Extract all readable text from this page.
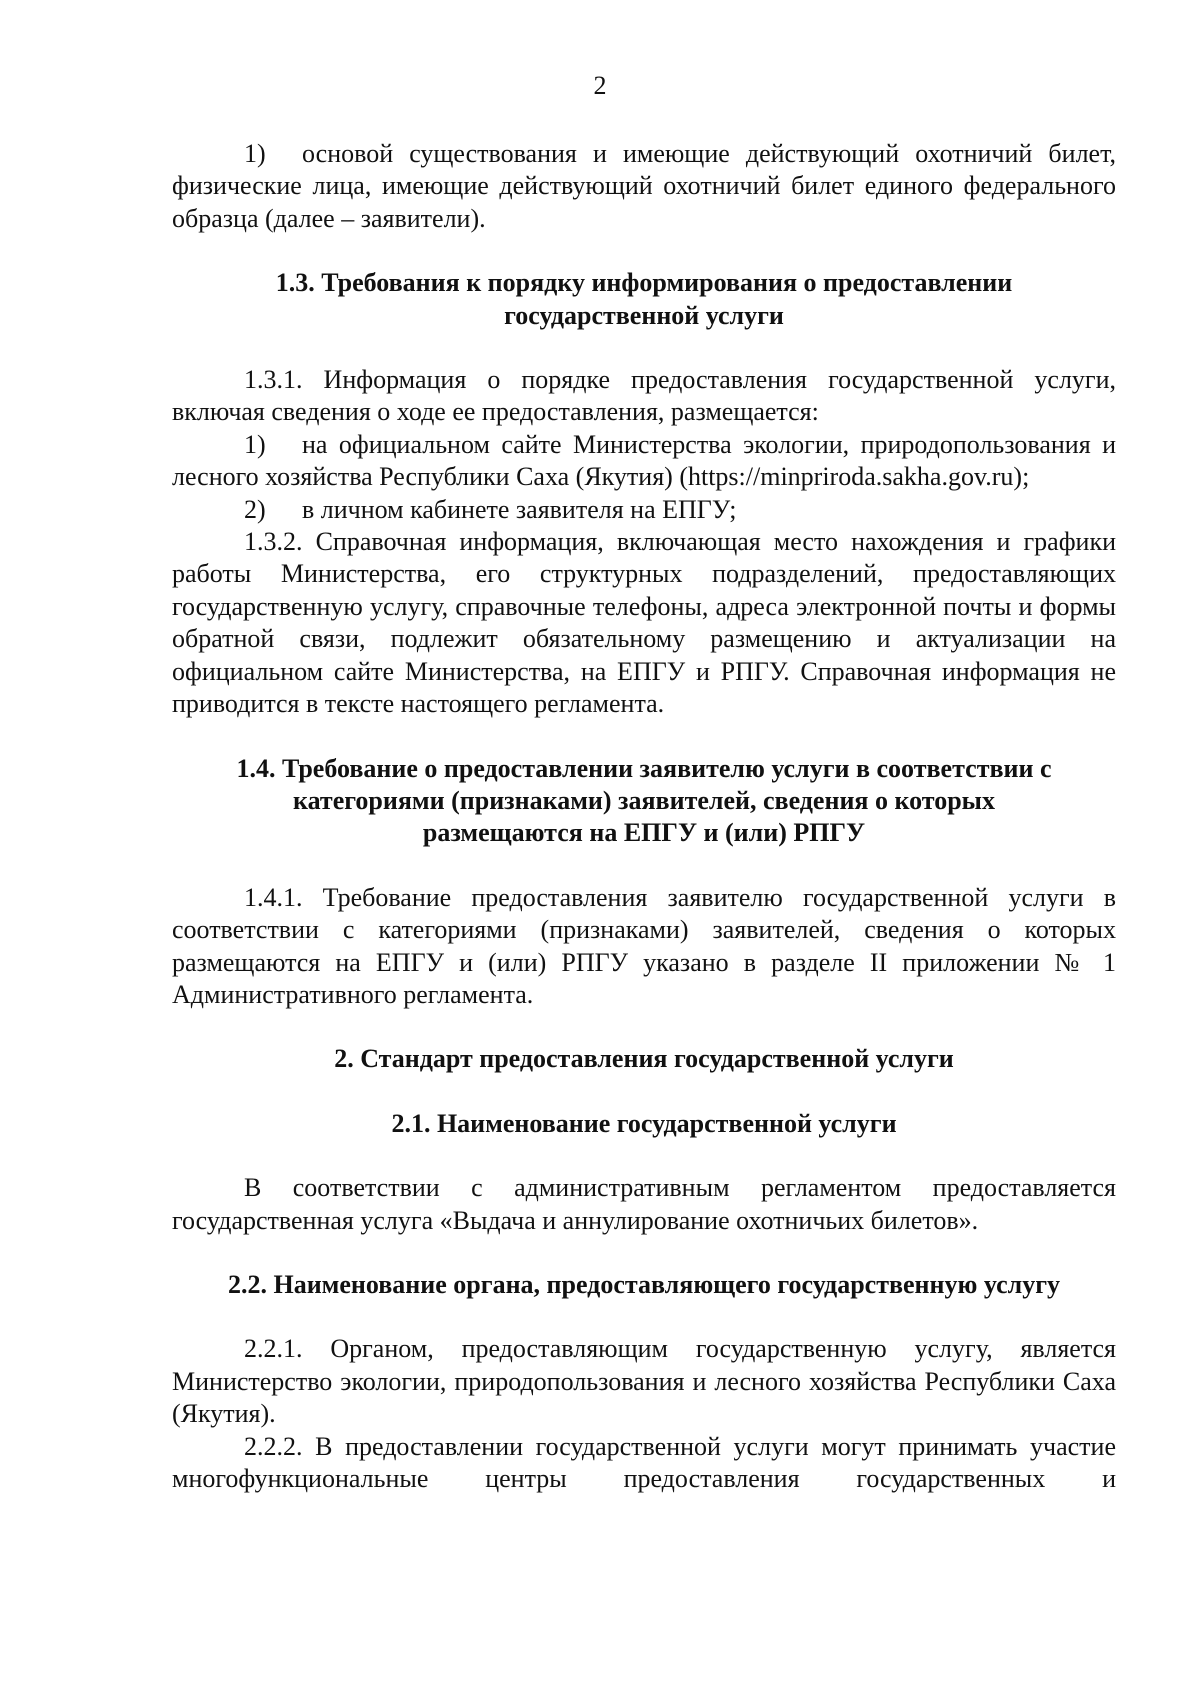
2

1) основой существования и имеющие действующий охотничий билет, физические лица, имеющие действующий охотничий билет единого федерального образца (далее – заявители).

1.3. Требования к порядку информирования о предоставлении
государственной услуги

1.3.1. Информация о порядке предоставления государственной услуги, включая сведения о ходе ее предоставления, размещается:

1) на официальном сайте Министерства экологии, природопользования и лесного хозяйства Республики Саха (Якутия) (https://minpriroda.sakha.gov.ru);

2) в личном кабинете заявителя на ЕПГУ;

1.3.2. Справочная информация, включающая место нахождения и графики работы Министерства, его структурных подразделений, предоставляющих государственную услугу, справочные телефоны, адреса электронной почты и формы обратной связи, подлежит обязательному размещению и актуализации на официальном сайте Министерства, на ЕПГУ и РПГУ. Справочная информация не приводится в тексте настоящего регламента.

1.4. Требование о предоставлении заявителю услуги в соответствии с
категориями (признаками) заявителей, сведения о которых
размещаются на ЕПГУ и (или) РПГУ

1.4.1. Требование предоставления заявителю государственной услуги в соответствии с категориями (признаками) заявителей, сведения о которых размещаются на ЕПГУ и (или) РПГУ указано в разделе II приложении № 1 Административного регламента.

2. Стандарт предоставления государственной услуги
2.1. Наименование государственной услуги

В соответствии с административным регламентом предоставляется государственная услуга «Выдача и аннулирование охотничьих билетов».

2.2. Наименование органа, предоставляющего государственную услугу

2.2.1. Органом, предоставляющим государственную услугу, является Министерство экологии, природопользования и лесного хозяйства Республики Саха (Якутия).

2.2.2. В предоставлении государственной услуги могут принимать участие многофункциональные центры предоставления государственных и
